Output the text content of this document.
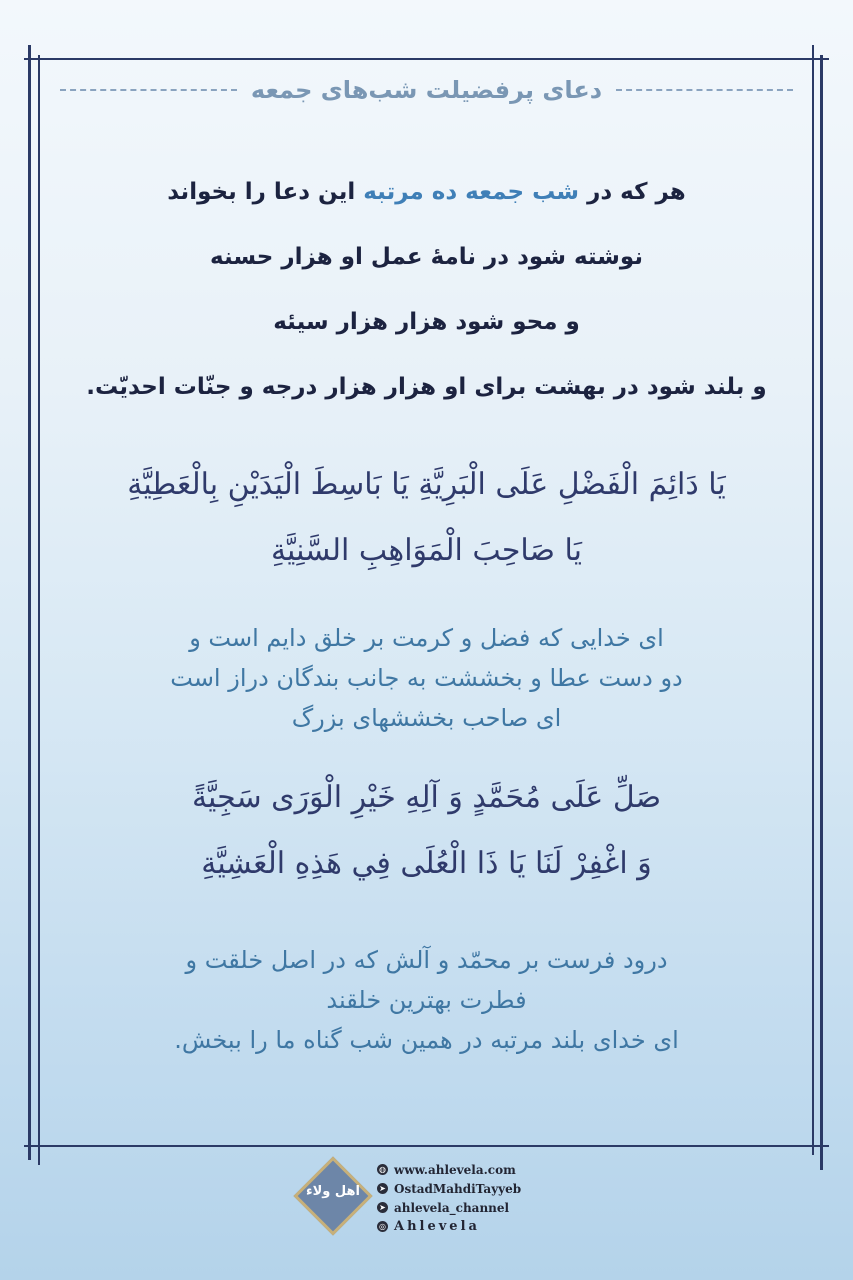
دعای پرفضیلت شب‌های جمعه
هر که در شب جمعه ده مرتبه این دعا را بخواند
نوشته شود در نامهٔ عمل او هزار حسنه
و محو شود هزار هزار سیئه
و بلند شود در بهشت برای او هزار هزار درجه و جنّات احدیّت.
يَا دَائِمَ الْفَضْلِ عَلَى الْبَرِيَّةِ يَا بَاسِطَ الْيَدَيْنِ بِالْعَطِيَّةِ
يَا صَاحِبَ الْمَوَاهِبِ السَّنِيَّةِ
ای خدایی که فضل و کرمت بر خلق دایم است و
دو دست عطا و بخششت به جانب بندگان دراز است
ای صاحب بخششهای بزرگ
صَلِّ عَلَى مُحَمَّدٍ وَ آلِهِ خَيْرِ الْوَرَى سَجِيَّةً
وَ اغْفِرْ لَنَا يَا ذَا الْعُلَى فِي هَذِهِ الْعَشِيَّةِ
درود فرست بر محمّد و آلش که در اصل خلقت و
فطرت بهترین خلقند
ای خدای بلند مرتبه در همین شب گناه ما را ببخش.
اهل ولاء
◍ www.ahlevela.com
➤ OstadMahdiTayyeb
➤ ahlevela_channel
◎ Ahlevela
